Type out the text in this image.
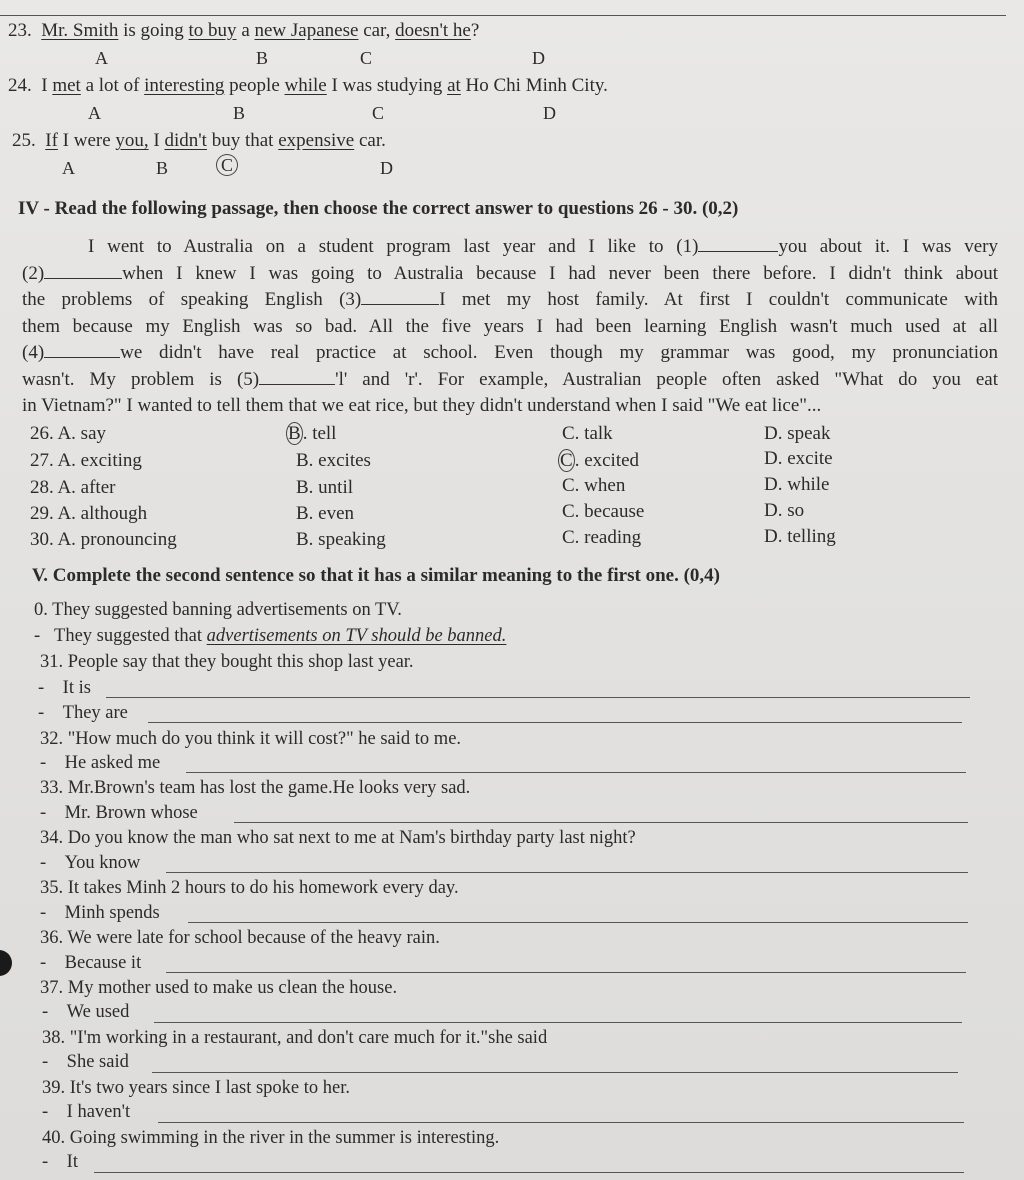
23. Mr. Smith is going to buy a new Japanese car, doesn't he?
A	B	C	D
24. I met a lot of interesting people while I was studying at Ho Chi Minh City.
A	B	C	D
25. If I were you, I didn't buy that expensive car.
A	B	C	D
IV - Read the following passage, then choose the correct answer to questions 26 - 30. (0,2)
I went to Australia on a student program last year and I like to (1)	you about it. I was very
(2)	when I knew I was going to Australia because I had never been there before. I didn't think about
the problems of speaking English (3)	I met my host family. At first I couldn't communicate with
them because my English was so bad. All the five years I had been learning English wasn't much used at all
(4)	we didn't have real practice at school. Even though my grammar was good, my pronunciation
wasn't. My problem is (5)	'l' and 'r'. For example, Australian people often asked "What do you eat
in Vietnam?" I wanted to tell them that we eat rice, but they didn't understand when I said "We eat lice"...
26. A. say	B . tell	C. talk	D. speak
27. A. exciting	B. excites	C . excited	D. excite
28. A. after	B. until	C. when	D. while
29. A. although	B. even	C. because	D. so
30. A. pronouncing	B. speaking	C. reading	D. telling
V. Complete the second sentence so that it has a similar meaning to the first one. (0,4)
0. They suggested banning advertisements on TV.
- They suggested that advertisements on TV should be banned.
31. People say that they bought this shop last year.
- It is
- They are
32. "How much do you think it will cost?" he said to me.
- He asked me
33. Mr.Brown's team has lost the game.He looks very sad.
- Mr. Brown whose
34. Do you know the man who sat next to me at Nam's birthday party last night?
- You know
35. It takes Minh 2 hours to do his homework every day.
- Minh spends
36. We were late for school because of the heavy rain.
- Because it
37. My mother used to make us clean the house.
- We used
38. "I'm working in a restaurant, and don't care much for it."she said
- She said
39. It's two years since I last spoke to her.
- I haven't
40. Going swimming in the river in the summer is interesting.
- It
